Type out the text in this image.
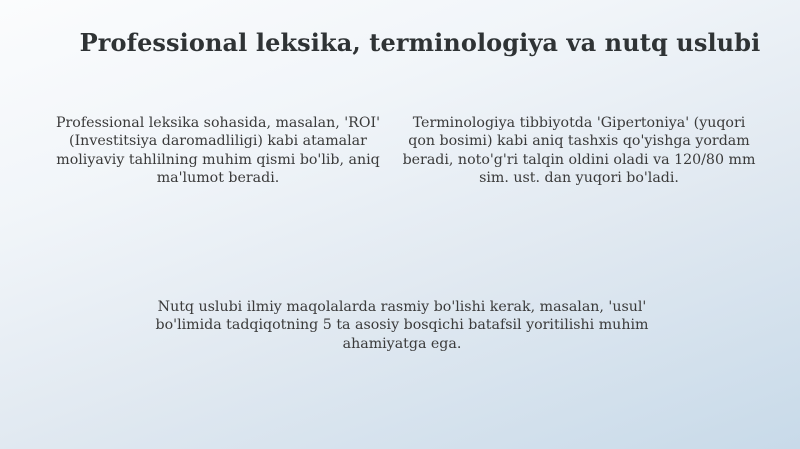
Professional leksika, terminologiya va nutq uslubi
Professional leksika sohasida, masalan, 'ROI' (Investitsiya daromadliligi) kabi atamalar moliyaviy tahlilning muhim qismi bo'lib, aniq ma'lumot beradi.
Terminologiya tibbiyotda 'Gipertoniya' (yuqori qon bosimi) kabi aniq tashxis qo'yishga yordam beradi, noto'g'ri talqin oldini oladi va 120/80 mm sim. ust. dan yuqori bo'ladi.
Nutq uslubi ilmiy maqolalarda rasmiy bo'lishi kerak, masalan, 'usul' bo'limida tadqiqotning 5 ta asosiy bosqichi batafsil yoritilishi muhim ahamiyatga ega.
